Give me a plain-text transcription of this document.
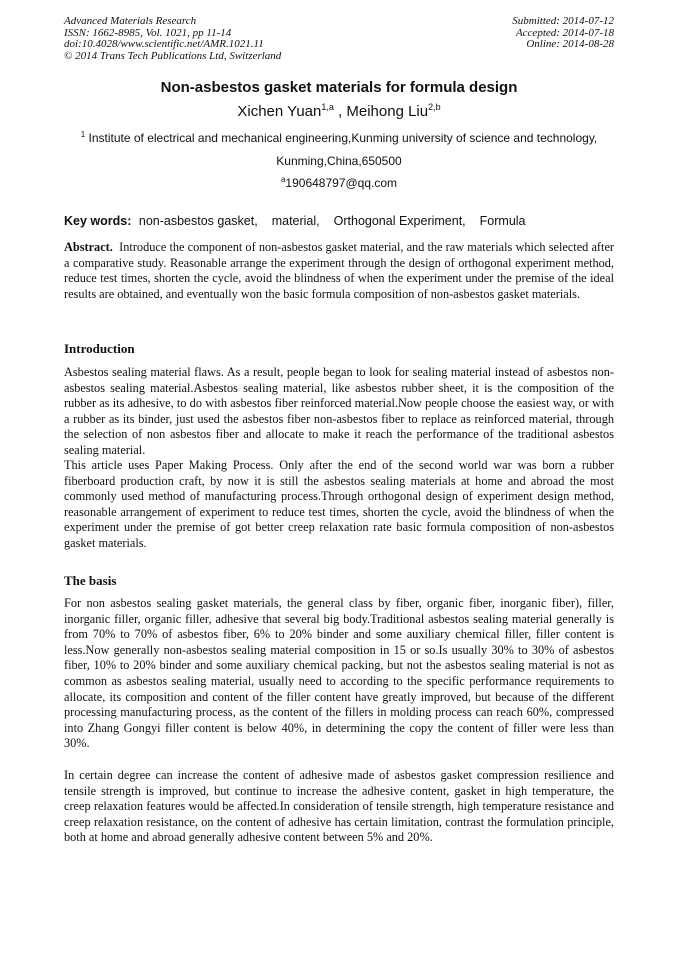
Advanced Materials Research
ISSN: 1662-8985, Vol. 1021, pp 11-14
doi:10.4028/www.scientific.net/AMR.1021.11
© 2014 Trans Tech Publications Ltd, Switzerland
Submitted: 2014-07-12
Accepted: 2014-07-18
Online: 2014-08-28
Non-asbestos gasket materials for formula design
Xichen Yuan$^{1,a}$ , Meihong Liu$^{2,b}$
$^1$ Institute of electrical and mechanical engineering,Kunming university of science and technology,
Kunming,China,650500
$^a$190648797@qq.com
Key words: non-asbestos gasket, material, Orthogonal Experiment, Formula
Abstract. Introduce the component of non-asbestos gasket material, and the raw materials which selected after a comparative study. Reasonable arrange the experiment through the design of orthogonal experiment method, reduce test times, shorten the cycle, avoid the blindness of when the experiment under the premise of the ideal results are obtained, and eventually won the basic formula composition of non-asbestos gasket materials.
Introduction
Asbestos sealing material flaws. As a result, people began to look for sealing material instead of asbestos non-asbestos sealing material.Asbestos sealing material, like asbestos rubber sheet, it is the composition of the rubber as its adhesive, to do with asbestos fiber reinforced material.Now people choose the easiest way, or with a rubber as its binder, just used the asbestos fiber non-asbestos fiber to replace as reinforced material, through the selection of non asbestos fiber and allocate to make it reach the performance of the traditional asbestos sealing material.
This article uses Paper Making Process. Only after the end of the second world war was born a rubber fiberboard production craft, by now it is still the asbestos sealing materials at home and abroad the most commonly used method of manufacturing process.Through orthogonal design of experiment design method, reasonable arrangement of experiment to reduce test times, shorten the cycle, avoid the blindness of when the experiment under the premise of got better creep relaxation rate basic formula composition of non-asbestos gasket materials.
The basis
For non asbestos sealing gasket materials, the general class by fiber, organic fiber, inorganic fiber), filler, inorganic filler, organic filler, adhesive that several big body.Traditional asbestos sealing material generally is from 70% to 70% of asbestos fiber, 6% to 20% binder and some auxiliary chemical filler, filler content is less.Now generally non-asbestos sealing material composition in 15 or so.Is usually 30% to 30% of asbestos fiber, 10% to 20% binder and some auxiliary chemical packing, but not the asbestos sealing material is not as common as asbestos sealing material, usually need to according to the specific performance requirements to allocate, its composition and content of the filler content have greatly improved, but because of the different processing manufacturing process, as the content of the fillers in molding process can reach 60%, compressed into Zhang Gongyi filler content is below 40%, in determining the copy the content of filler were less than 30%.
In certain degree can increase the content of adhesive made of asbestos gasket compression resilience and tensile strength is improved, but continue to increase the adhesive content, gasket in high temperature, the creep relaxation features would be affected.In consideration of tensile strength, high temperature resistance and creep relaxation resistance, on the content of adhesive has certain limitation, contrast the formulation principle, both at home and abroad generally adhesive content between 5% and 20%.
